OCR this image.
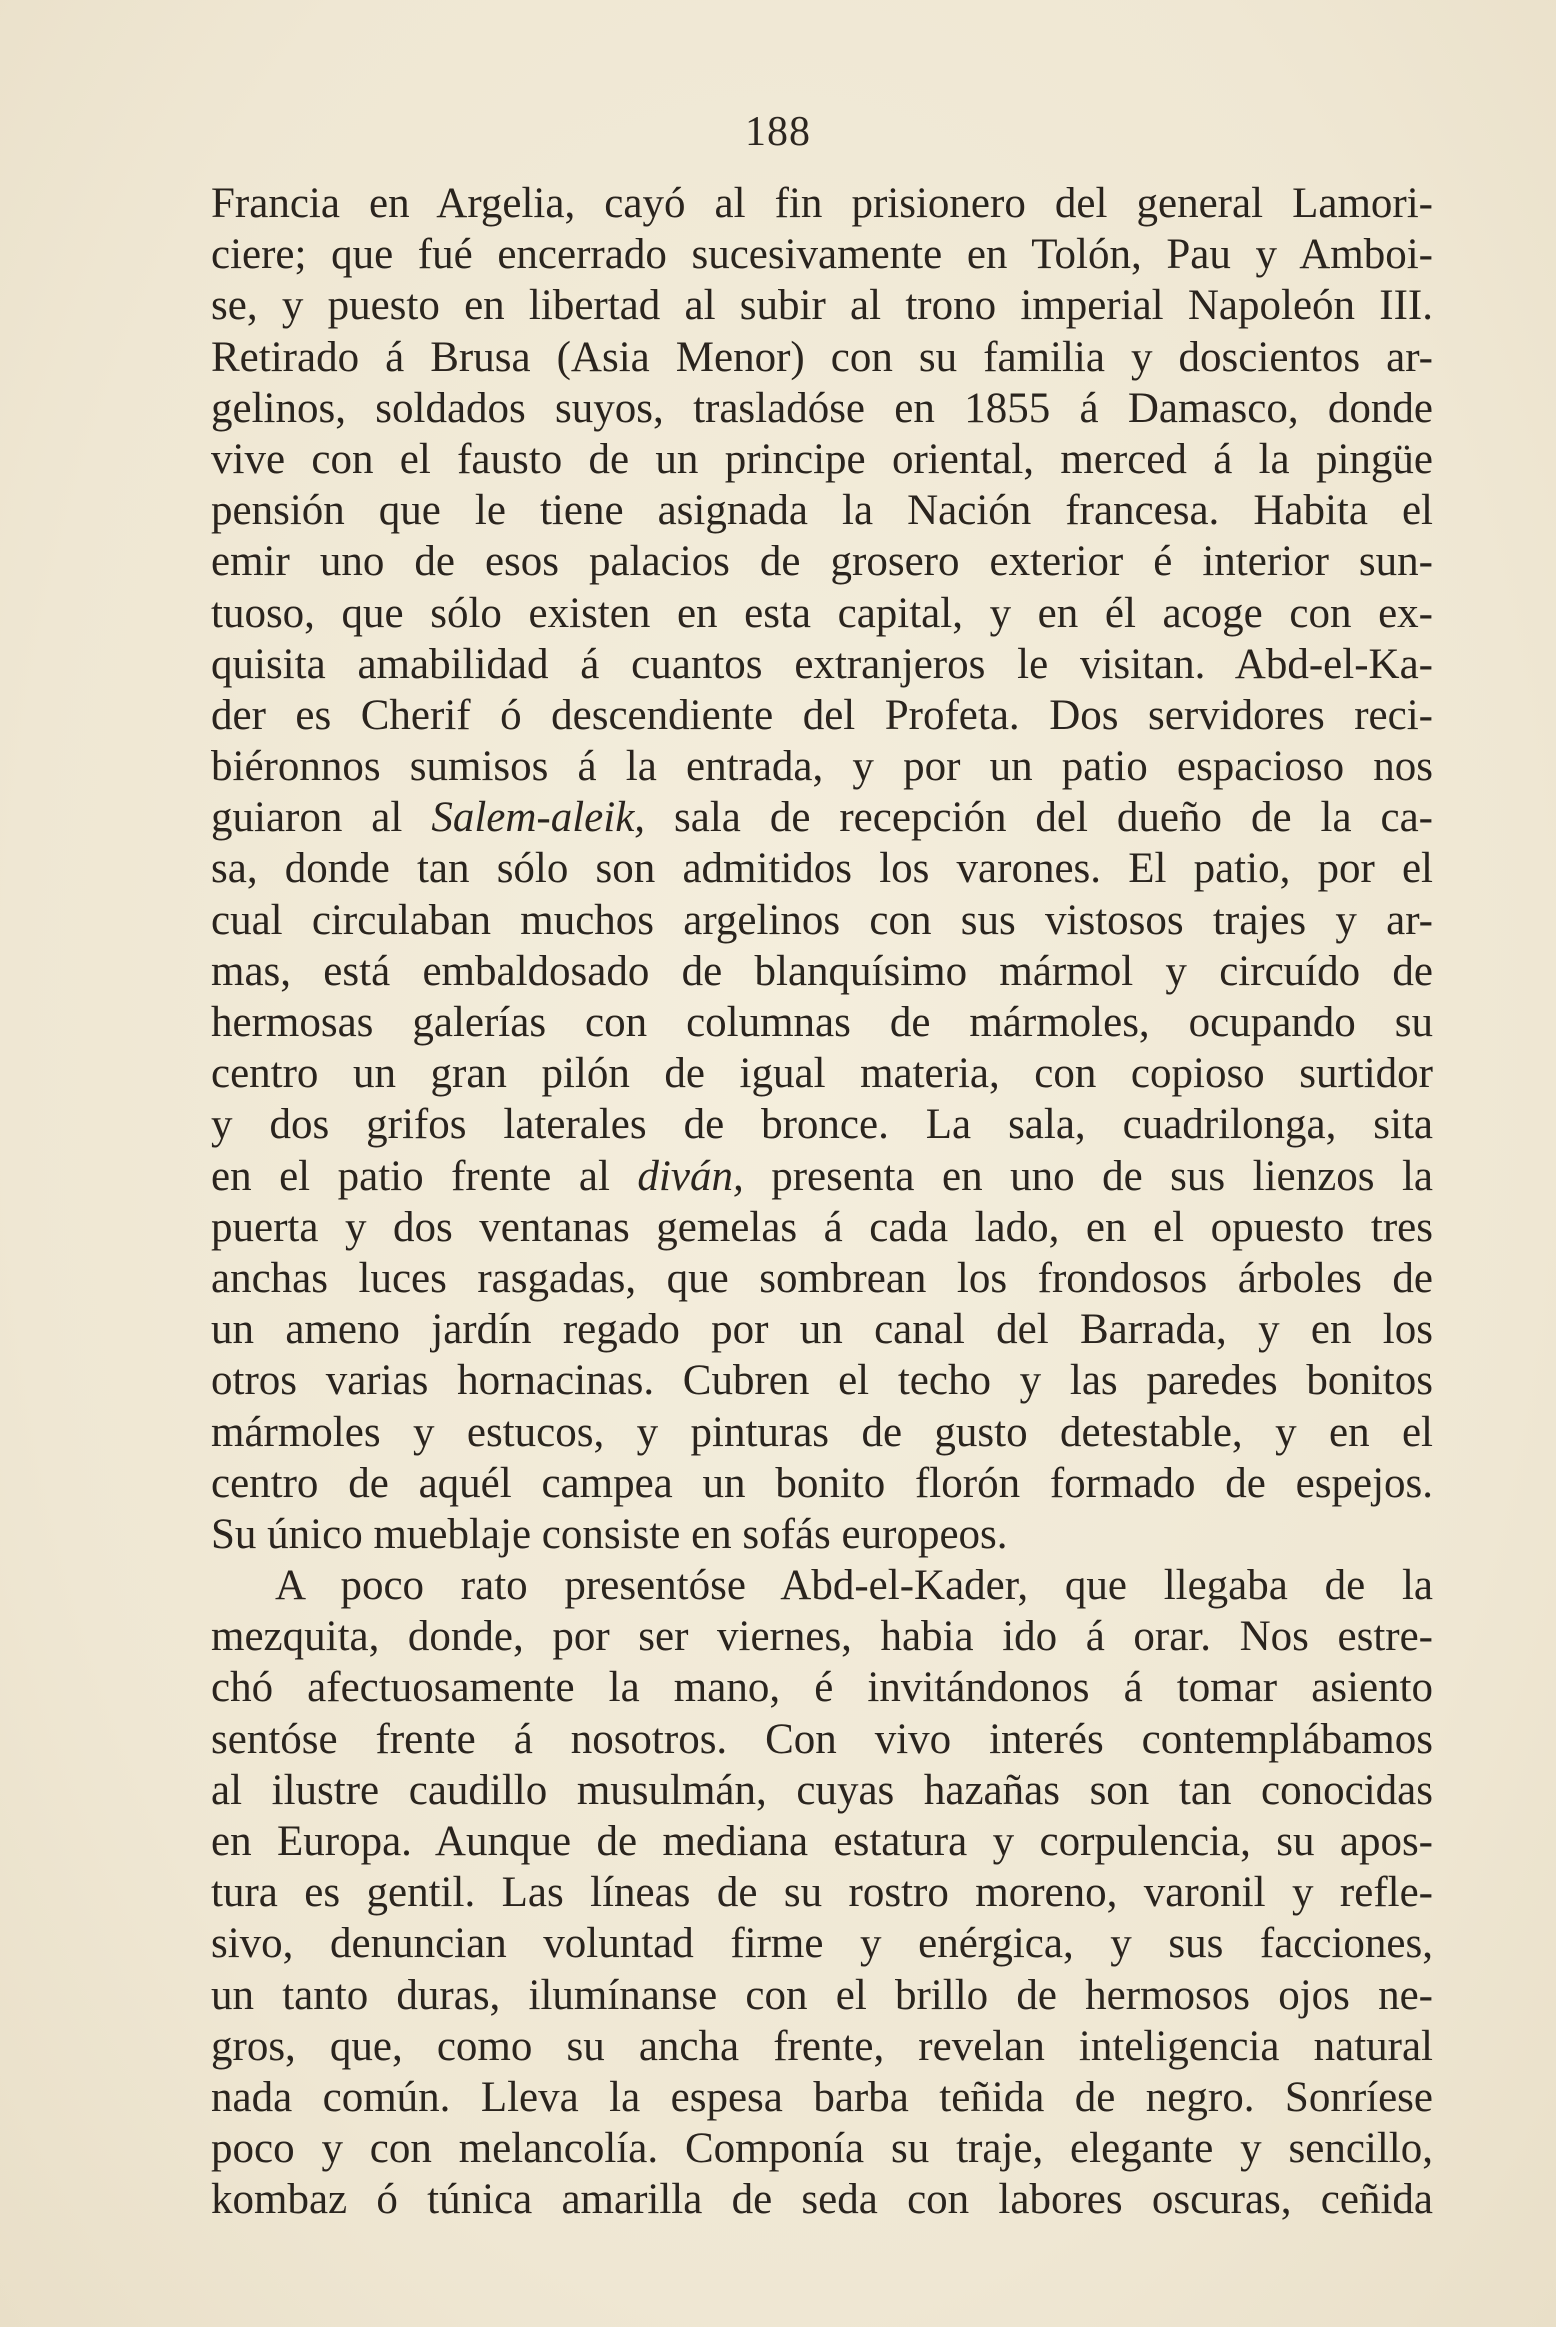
188
Francia en Argelia, cayó al fin prisionero del general Lamori-
ciere; que fué encerrado sucesivamente en Tolón, Pau y Amboi-
se, y puesto en libertad al subir al trono imperial Napoleón III.
Retirado á Brusa (Asia Menor) con su familia y doscientos ar-
gelinos, soldados suyos, trasladóse en 1855 á Damasco, donde
vive con el fausto de un principe oriental, merced á la pingüe
pensión que le tiene asignada la Nación francesa. Habita el
emir uno de esos palacios de grosero exterior é interior sun-
tuoso, que sólo existen en esta capital, y en él acoge con ex-
quisita amabilidad á cuantos extranjeros le visitan. Abd-el-Ka-
der es Cherif ó descendiente del Profeta. Dos servidores reci-
biéronnos sumisos á la entrada, y por un patio espacioso nos
guiaron al Salem-aleik, sala de recepción del dueño de la ca-
sa, donde tan sólo son admitidos los varones. El patio, por el
cual circulaban muchos argelinos con sus vistosos trajes y ar-
mas, está embaldosado de blanquísimo mármol y circuído de
hermosas galerías con columnas de mármoles, ocupando su
centro un gran pilón de igual materia, con copioso surtidor
y dos grifos laterales de bronce. La sala, cuadrilonga, sita
en el patio frente al diván, presenta en uno de sus lienzos la
puerta y dos ventanas gemelas á cada lado, en el opuesto tres
anchas luces rasgadas, que sombrean los frondosos árboles de
un ameno jardín regado por un canal del Barrada, y en los
otros varias hornacinas. Cubren el techo y las paredes bonitos
mármoles y estucos, y pinturas de gusto detestable, y en el
centro de aquél campea un bonito florón formado de espejos.
Su único mueblaje consiste en sofás europeos.
A poco rato presentóse Abd-el-Kader, que llegaba de la
mezquita, donde, por ser viernes, habia ido á orar. Nos estre-
chó afectuosamente la mano, é invitándonos á tomar asiento
sentóse frente á nosotros. Con vivo interés contemplábamos
al ilustre caudillo musulmán, cuyas hazañas son tan conocidas
en Europa. Aunque de mediana estatura y corpulencia, su apos-
tura es gentil. Las líneas de su rostro moreno, varonil y refle-
sivo, denuncian voluntad firme y enérgica, y sus facciones,
un tanto duras, ilumínanse con el brillo de hermosos ojos ne-
gros, que, como su ancha frente, revelan inteligencia natural
nada común. Lleva la espesa barba teñida de negro. Sonríese
poco y con melancolía. Componía su traje, elegante y sencillo,
kombaz ó túnica amarilla de seda con labores oscuras, ceñida
